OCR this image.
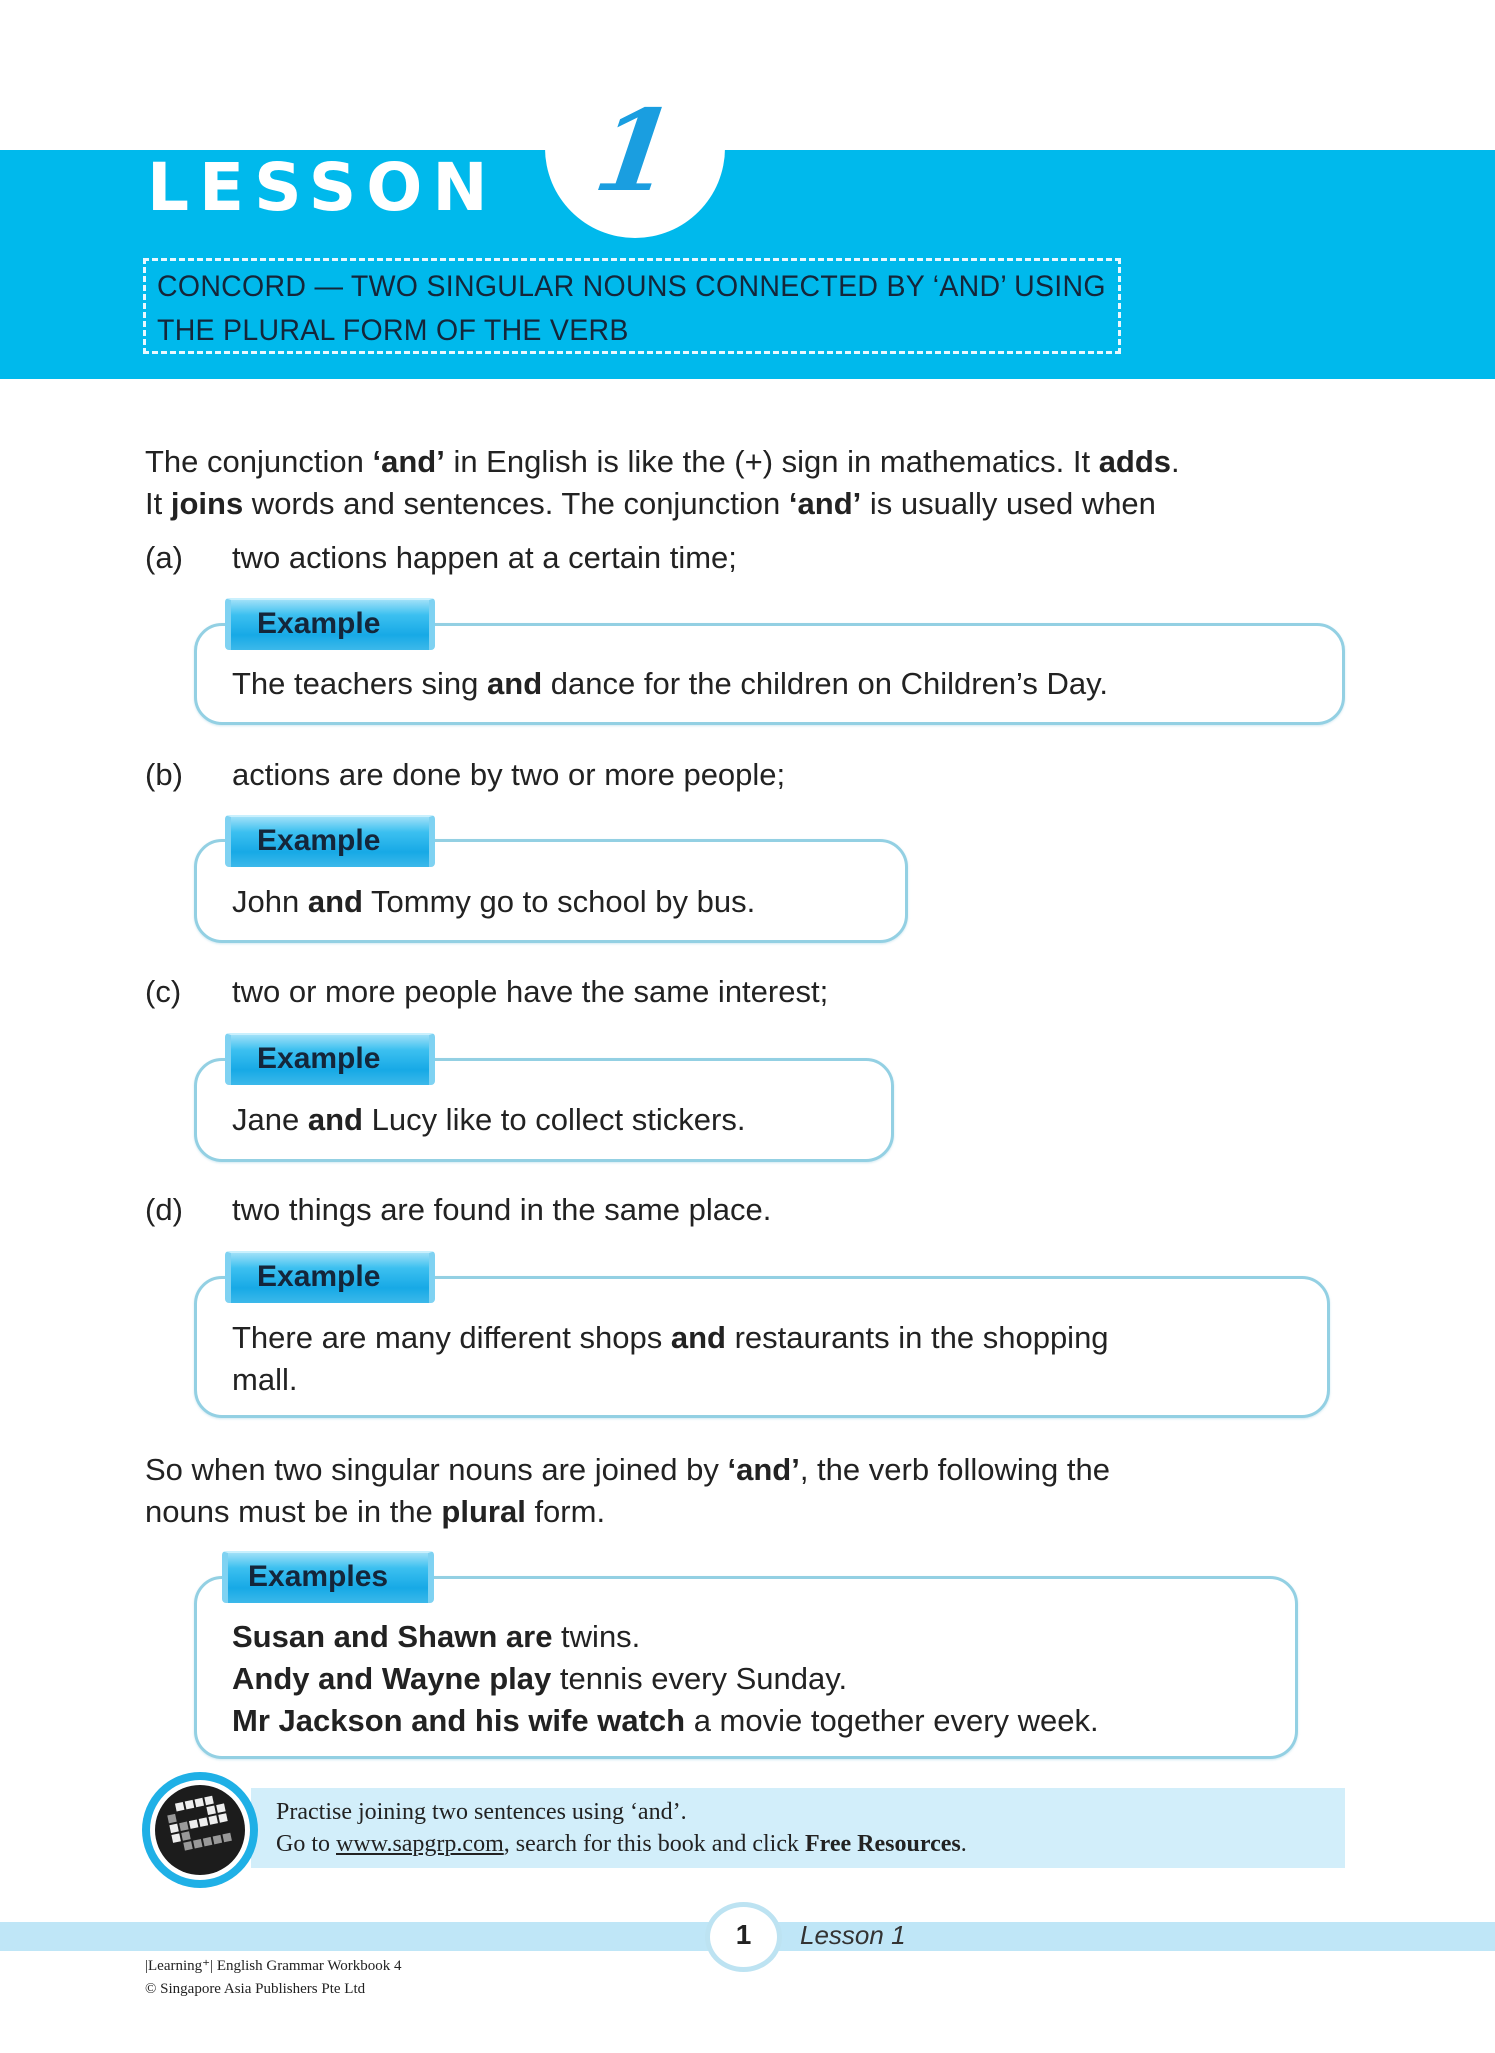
LESSON 1
CONCORD — TWO SINGULAR NOUNS CONNECTED BY ‘AND’ USING
THE PLURAL FORM OF THE VERB
The conjunction ‘and’ in English is like the (+) sign in mathematics. It adds.
It joins words and sentences. The conjunction ‘and’ is usually used when
(a) two actions happen at a certain time;
Example
The teachers sing and dance for the children on Children’s Day.
(b) actions are done by two or more people;
Example
John and Tommy go to school by bus.
(c) two or more people have the same interest;
Example
Jane and Lucy like to collect stickers.
(d) two things are found in the same place.
Example
There are many different shops and restaurants in the shopping
mall.
So when two singular nouns are joined by ‘and’, the verb following the
nouns must be in the plural form.
Examples
Susan and Shawn are twins.
Andy and Wayne play tennis every Sunday.
Mr Jackson and his wife watch a movie together every week.
Practise joining two sentences using ‘and’.
Go to www.sapgrp.com, search for this book and click Free Resources.
1	Lesson 1
|Learning⁺| English Grammar Workbook 4
© Singapore Asia Publishers Pte Ltd
